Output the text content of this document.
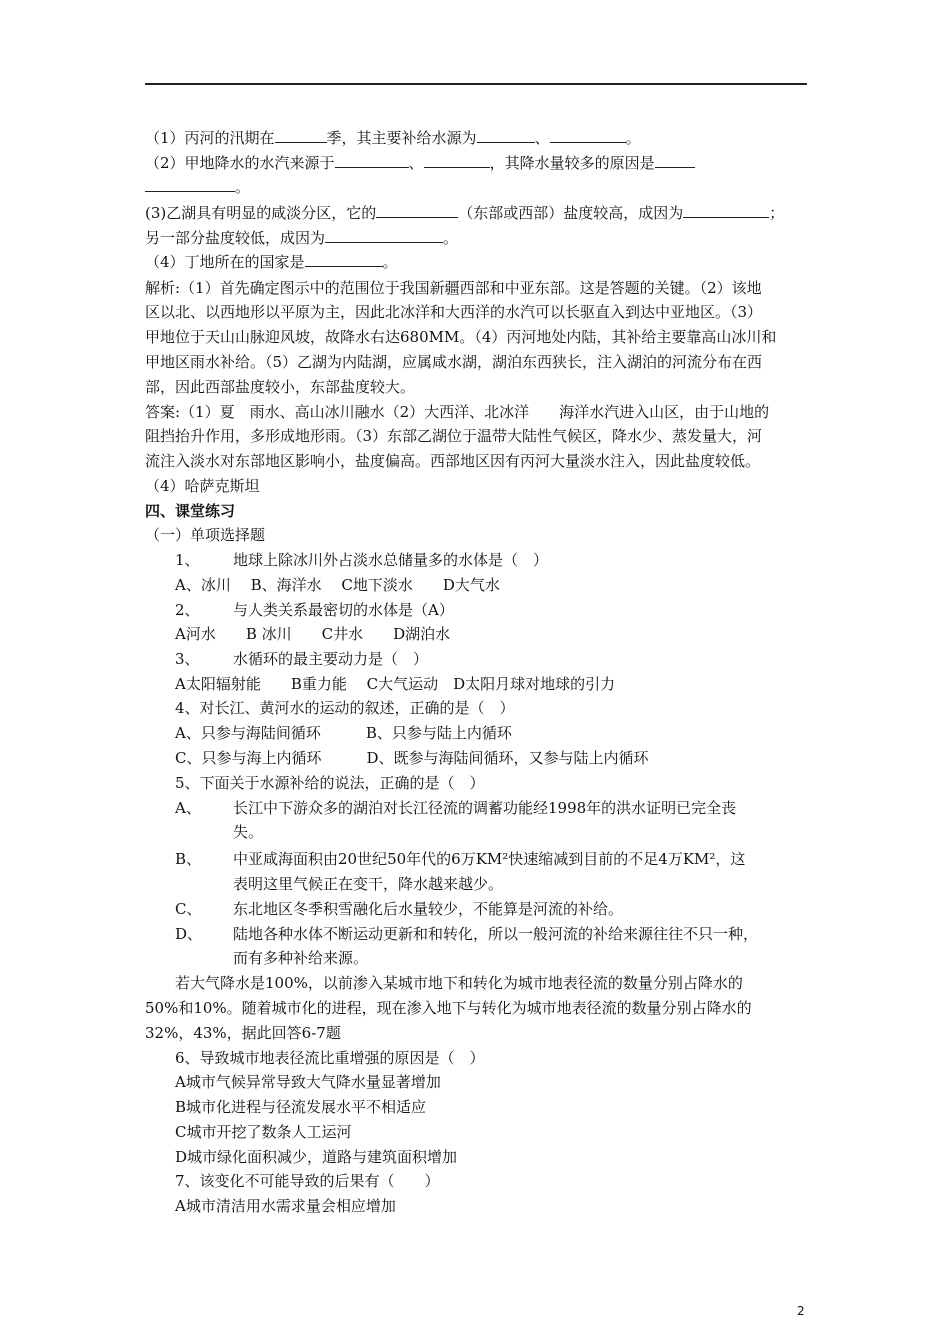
（1）丙河的汛期在	季，其主要补给水源为	、	。
（2）甲地降水的水汽来源于	、	，其降水量较多的原因是
。
(3)乙湖具有明显的咸淡分区，它的	（东部或西部）盐度较高，成因为	；
另一部分盐度较低，成因为	。
（4）丁地所在的国家是	。
解析:（1）首先确定图示中的范围位于我国新疆西部和中亚东部。这是答题的关键。（2）该地
区以北、以西地形以平原为主，因此北冰洋和大西洋的水汽可以长驱直入到达中亚地区。（3）
甲地位于天山山脉迎风坡，故降水右达680MM。（4）丙河地处内陆，其补给主要靠高山冰川和
甲地区雨水补给。（5）乙湖为内陆湖，应属咸水湖，湖泊东西狭长，注入湖泊的河流分布在西
部，因此西部盐度较小，东部盐度较大。
答案:（1）夏　雨水、高山冰川融水（2）大西洋、北冰洋　　海洋水汽进入山区，由于山地的
阻挡抬升作用，多形成地形雨。（3）东部乙湖位于温带大陆性气候区，降水少、蒸发量大，河
流注入淡水对东部地区影响小，盐度偏高。西部地区因有丙河大量淡水注入，因此盐度较低。
（4）哈萨克斯坦
四、课堂练习
（一）单项选择题
1、 地球上除冰川外占淡水总储量多的水体是（　）
A、冰川　 B、海洋水　 C地下淡水　　D大气水
2、 与人类关系最密切的水体是（A）
A河水　　B 冰川　　C井水　　D湖泊水
3、 水循环的最主要动力是（　）
A太阳辐射能　　B重力能　 C大气运动　D太阳月球对地球的引力
4、对长江、黄河水的运动的叙述，正确的是（　）
A、只参与海陆间循环　　　B、只参与陆上内循环
C、只参与海上内循环　　　D、既参与海陆间循环，又参与陆上内循环
5、下面关于水源补给的说法，正确的是（　）
A、 长江中下游众多的湖泊对长江径流的调蓄功能经1998年的洪水证明已完全丧
失。
B、 中亚咸海面积由20世纪50年代的6万KM²快速缩减到目前的不足4万KM²，这
表明这里气候正在变干，降水越来越少。
C、 东北地区冬季积雪融化后水量较少，不能算是河流的补给。
D、 陆地各种水体不断运动更新和和转化，所以一般河流的补给来源往往不只一种，
而有多种补给来源。
若大气降水是100%，以前渗入某城市地下和转化为城市地表径流的数量分别占降水的
50%和10%。随着城市化的进程，现在渗入地下与转化为城市地表径流的数量分别占降水的
32%，43%，据此回答6-7题
6、导致城市地表径流比重增强的原因是（　）
A城市气候异常导致大气降水量显著增加
B城市化进程与径流发展水平不相适应
C城市开挖了数条人工运河
D城市绿化面积减少，道路与建筑面积增加
7、该变化不可能导致的后果有（　　）
A城市清洁用水需求量会相应增加
2
